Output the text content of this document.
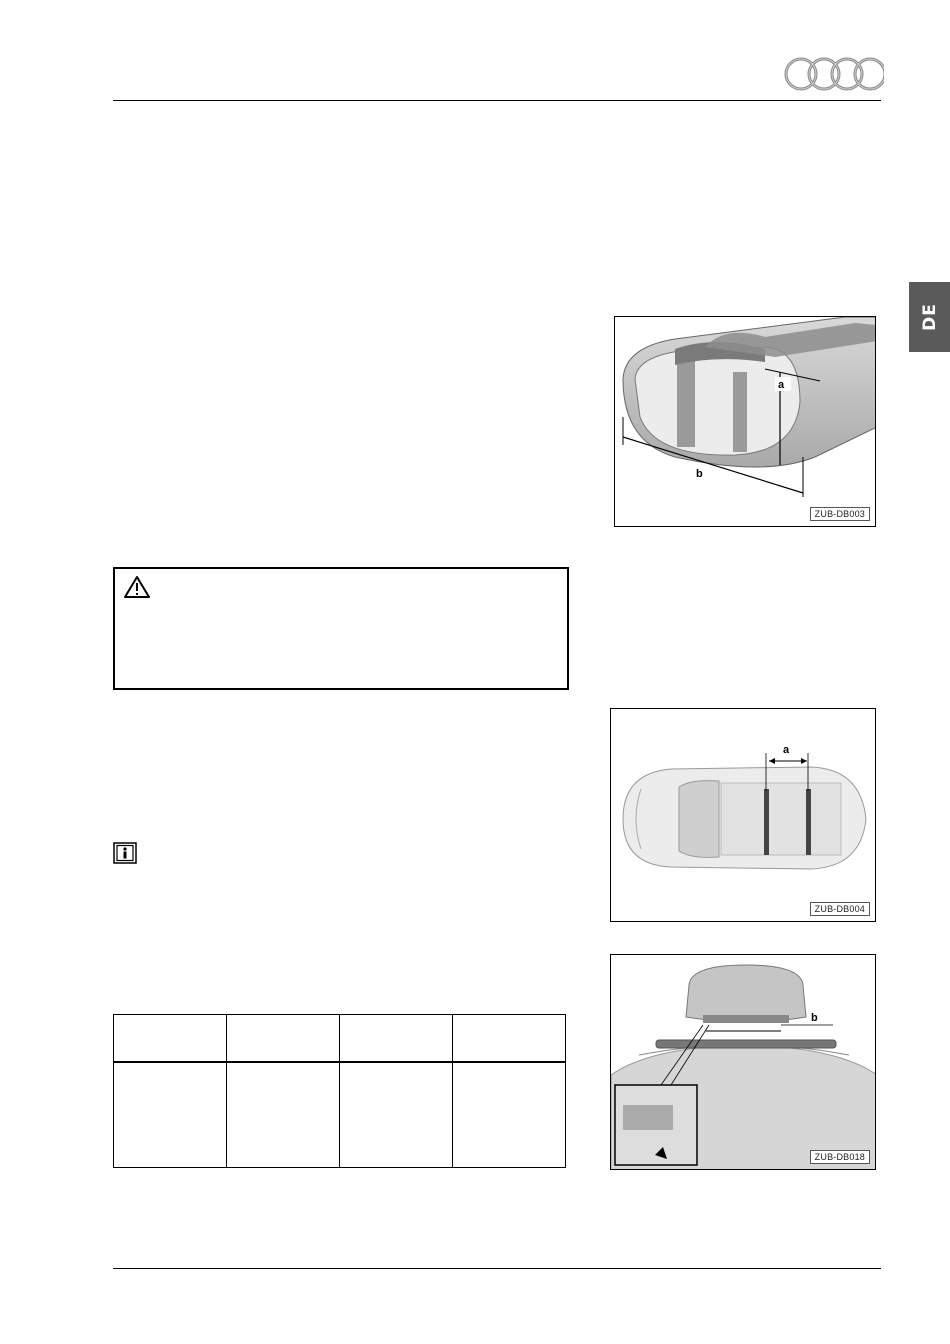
DE
a
b
ZUB-DB003
a
ZUB-DB004
b
ZUB-DB018
